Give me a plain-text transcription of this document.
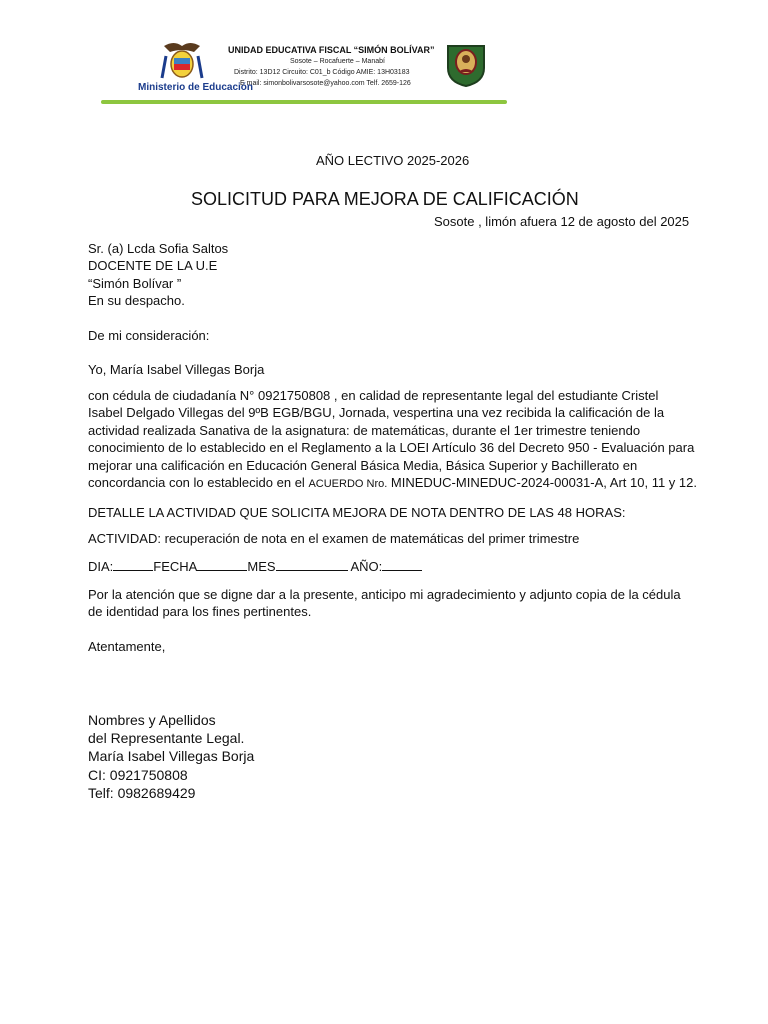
Ministerio de Educación
UNIDAD EDUCATIVA FISCAL “SIMÓN BOLÍVAR”
Sosote – Rocafuerte – Manabí
Distrito: 13D12 Circuito: C01_b Código AMIE: 13H03183
E mail: simonbolivarsosote@yahoo.com Telf. 2659-126
AÑO LECTIVO 2025-2026
SOLICITUD PARA MEJORA DE CALIFICACIÓN
Sosote , limón afuera 12 de agosto del 2025
Sr. (a) Lcda Sofia Saltos
DOCENTE DE LA U.E
“Simón Bolívar ”
En su despacho.
De mi consideración:
Yo, María Isabel Villegas Borja
con cédula de ciudadanía N° 0921750808 , en calidad de representante legal del estudiante Cristel
Isabel Delgado Villegas del 9ºB EGB/BGU, Jornada, vespertina una vez recibida la calificación de la
actividad realizada Sanativa de la asignatura: de matemáticas, durante el 1er trimestre teniendo
conocimiento de lo establecido en el Reglamento a la LOEI Artículo 36 del Decreto 950 - Evaluación para
mejorar una calificación en Educación General Básica Media, Básica Superior y Bachillerato en
concordancia con lo establecido en el ACUERDO Nro. MINEDUC-MINEDUC-2024-00031-A, Art 10, 11 y 12.
DETALLE LA ACTIVIDAD QUE SOLICITA MEJORA DE NOTA DENTRO DE LAS 48 HORAS:
ACTIVIDAD: recuperación de nota en el examen de matemáticas del primer trimestre
DIA:	FECHA	MES	AÑO:
Por la atención que se digne dar a la presente, anticipo mi agradecimiento y adjunto copia de la cédula
de identidad para los fines pertinentes.
Atentamente,
Nombres y Apellidos
del Representante Legal.
María Isabel Villegas Borja
CI: 0921750808
Telf: 0982689429
